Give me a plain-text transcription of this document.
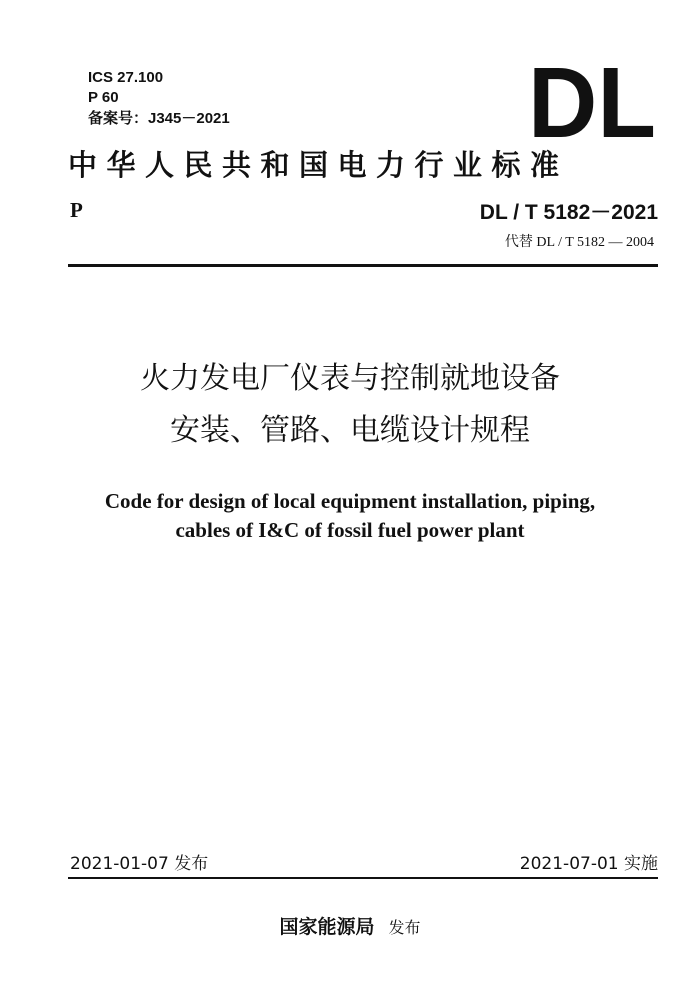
ICS 27.100
P 60
备案号：J345－2021	DL
中华人民共和国电力行业标准
P	DL / T 5182－2021
代替 DL / T 5182 — 2004
火力发电厂仪表与控制就地设备
安装、管路、电缆设计规程
Code for design of local equipment installation, piping,
cables of I&C of fossil fuel power plant
2021-01-07 发布	2021-07-01 实施
国家能源局 发布
